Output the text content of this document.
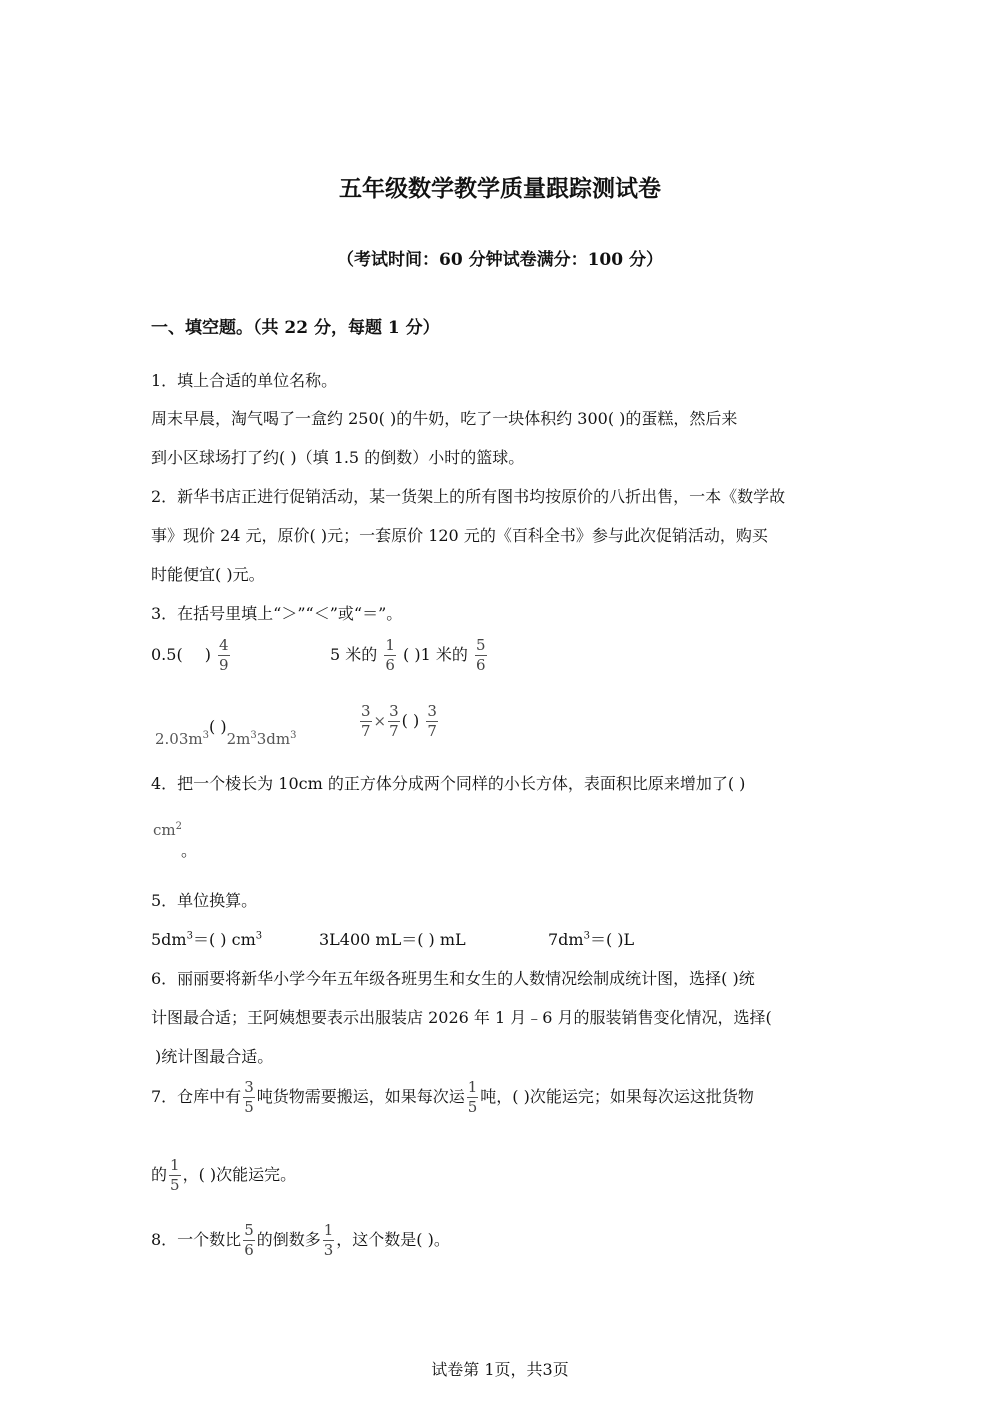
五年级数学教学质量跟踪测试卷
（考试时间：60 分钟试卷满分：100 分）
一、填空题。（共 22 分，每题 1 分）
1．填上合适的单位名称。
周末早晨，淘气喝了一盒约 250( )的牛奶，吃了一块体积约 300( )的蛋糕，然后来
到小区球场打了约( )（填 1.5 的倒数）小时的篮球。
2．新华书店正进行促销活动，某一货架上的所有图书均按原价的八折出售，一本《数学故
事》现价 24 元，原价( )元；一套原价 120 元的《百科全书》参与此次促销活动，购买
时能便宜( )元。
3．在括号里填上“＞”“＜”或“＝”。
0.5( ) $\frac{4}{9}$	5 米的 $\frac{1}{6}$ ( )1 米的 $\frac{5}{6}$
$2.03m^3$( )$2m^33dm^3$	$\frac{3}{7} \times \frac{3}{7}$ ( ) $\frac{3}{7}$
4．把一个棱长为 10cm 的正方体分成两个同样的小长方体，表面积比原来增加了( )
$cm^2$
。
5．单位换算。
$5dm^3=$( ) $cm^3$	3L400 mL＝( ) mL	$7dm^3=$( )L
6．丽丽要将新华小学今年五年级各班男生和女生的人数情况绘制成统计图，选择( )统
计图最合适；王阿姨想要表示出服装店 2026 年 1 月﹣6 月的服装销售变化情况，选择(
)统计图最合适。
7．仓库中有 $\frac{3}{5}$ 吨货物需要搬运，如果每次运 $\frac{1}{5}$ 吨，( )次能运完；如果每次运这批货物
的 $\frac{1}{5}$ ，( )次能运完。
8．一个数比 $\frac{5}{6}$ 的倒数多 $\frac{1}{3}$ ，这个数是( )。
试卷第 1页，共3页
